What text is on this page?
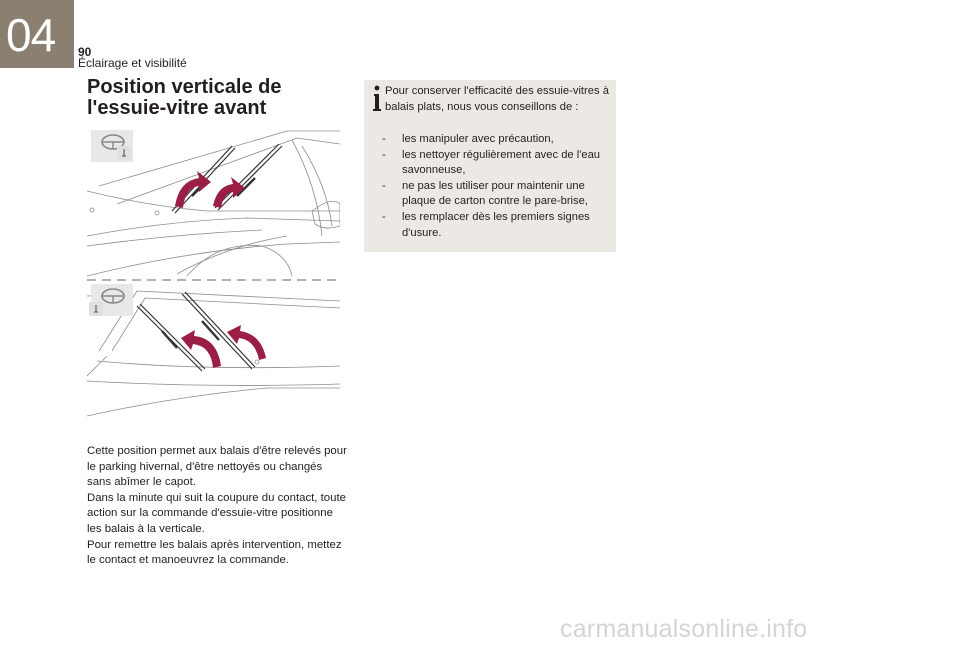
04 90
Éclairage et visibilité
Position verticale de l'essuie-vitre avant

Cette position permet aux balais d'être relevés pour le parking hivernal, d'être nettoyés ou changés sans abîmer le capot.

Dans la minute qui suit la coupure du contact, toute action sur la commande d'essuie-vitre positionne les balais à la verticale.

Pour remettre les balais après intervention, mettez le contact et manoeuvrez la commande.

Pour conserver l'efficacité des essuie-vitres à balais plats, nous vous conseillons de :
- les manipuler avec précaution,
- les nettoyer régulièrement avec de l'eau savonneuse,
- ne pas les utiliser pour maintenir une plaque de carton contre le pare-brise,
- les remplacer dès les premiers signes d'usure.
carmanualsonline.info
